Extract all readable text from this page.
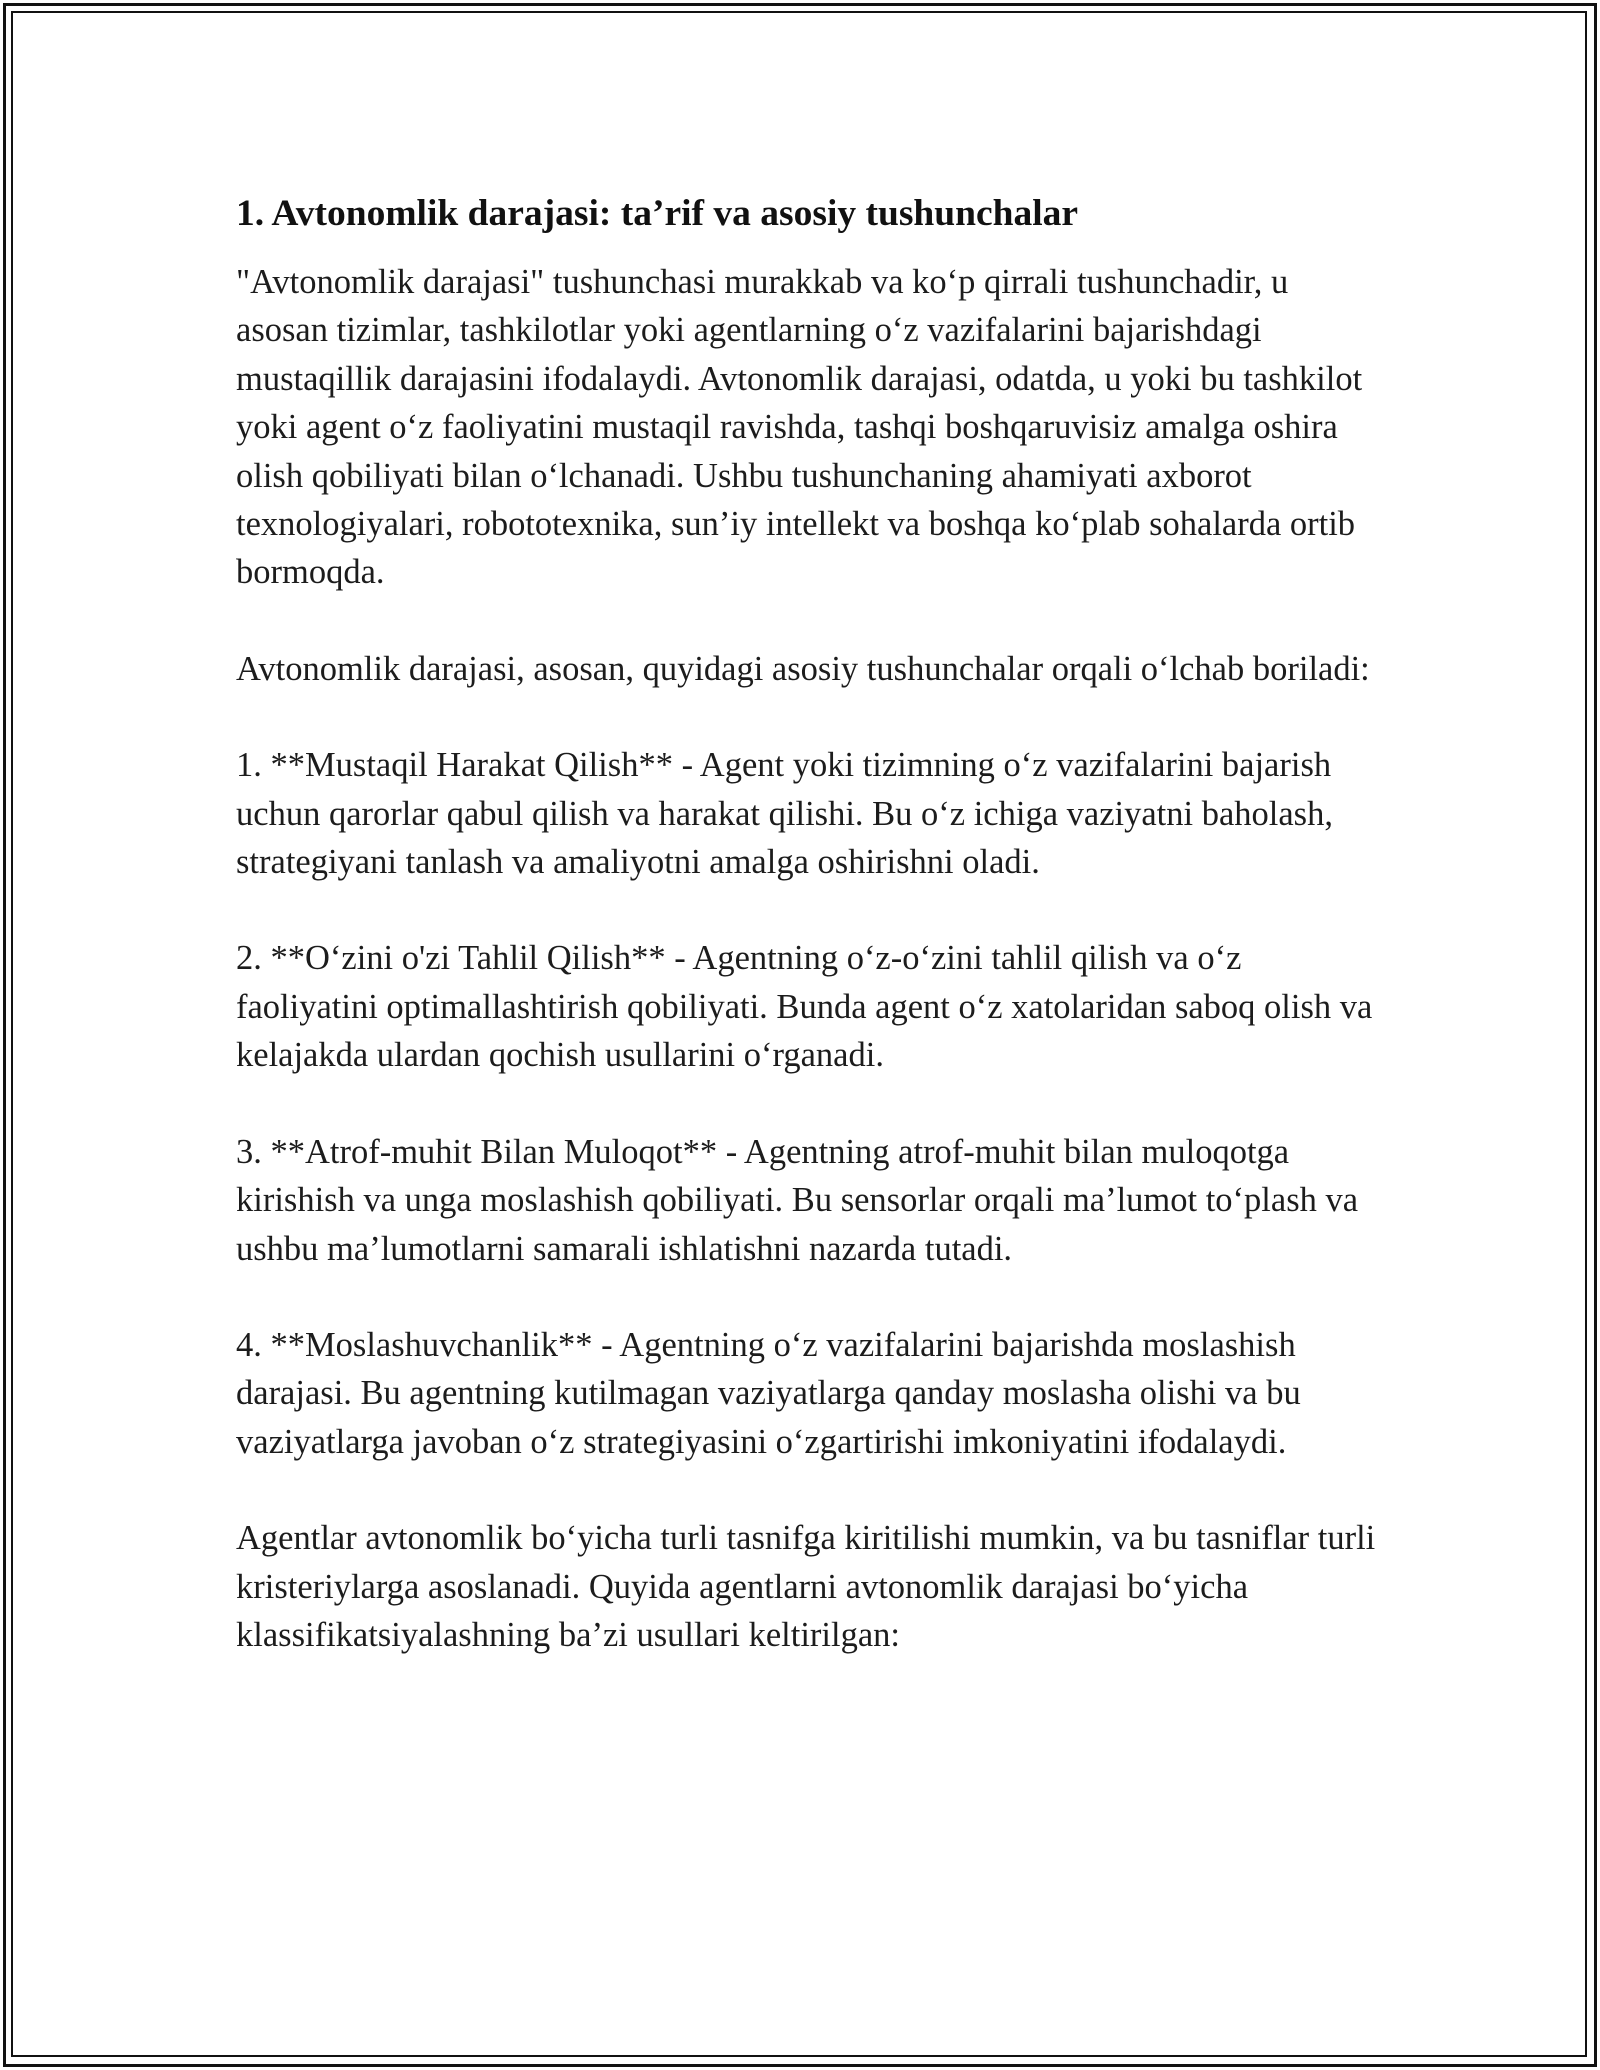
1. Avtonomlik darajasi: ta’rif va asosiy tushunchalar

"Avtonomlik darajasi" tushunchasi murakkab va ko‘p qirrali tushunchadir, u asosan tizimlar, tashkilotlar yoki agentlarning o‘z vazifalarini bajarishdagi mustaqillik darajasini ifodalaydi. Avtonomlik darajasi, odatda, u yoki bu tashkilot yoki agent o‘z faoliyatini mustaqil ravishda, tashqi boshqaruvisiz amalga oshira olish qobiliyati bilan o‘lchanadi. Ushbu tushunchaning ahamiyati axborot texnologiyalari, robototexnika, sun’iy intellekt va boshqa ko‘plab sohalarda ortib bormoqda.

Avtonomlik darajasi, asosan, quyidagi asosiy tushunchalar orqali o‘lchab boriladi:

1. **Mustaqil Harakat Qilish** - Agent yoki tizimning o‘z vazifalarini bajarish uchun qarorlar qabul qilish va harakat qilishi. Bu o‘z ichiga vaziyatni baholash, strategiyani tanlash va amaliyotni amalga oshirishni oladi.

2. **O‘zini o'zi Tahlil Qilish** - Agentning o‘z-o‘zini tahlil qilish va o‘z faoliyatini optimallashtirish qobiliyati. Bunda agent o‘z xatolaridan saboq olish va kelajakda ulardan qochish usullarini o‘rganadi.

3. **Atrof-muhit Bilan Muloqot** - Agentning atrof-muhit bilan muloqotga kirishish va unga moslashish qobiliyati. Bu sensorlar orqali ma’lumot to‘plash va ushbu ma’lumotlarni samarali ishlatishni nazarda tutadi.

4. **Moslashuvchanlik** - Agentning o‘z vazifalarini bajarishda moslashish darajasi. Bu agentning kutilmagan vaziyatlarga qanday moslasha olishi va bu vaziyatlarga javoban o‘z strategiyasini o‘zgartirishi imkoniyatini ifodalaydi.

Agentlar avtonomlik bo‘yicha turli tasnifga kiritilishi mumkin, va bu tasniflar turli kristeriylarga asoslanadi. Quyida agentlarni avtonomlik darajasi bo‘yicha klassifikatsiyalashning ba’zi usullari keltirilgan:
